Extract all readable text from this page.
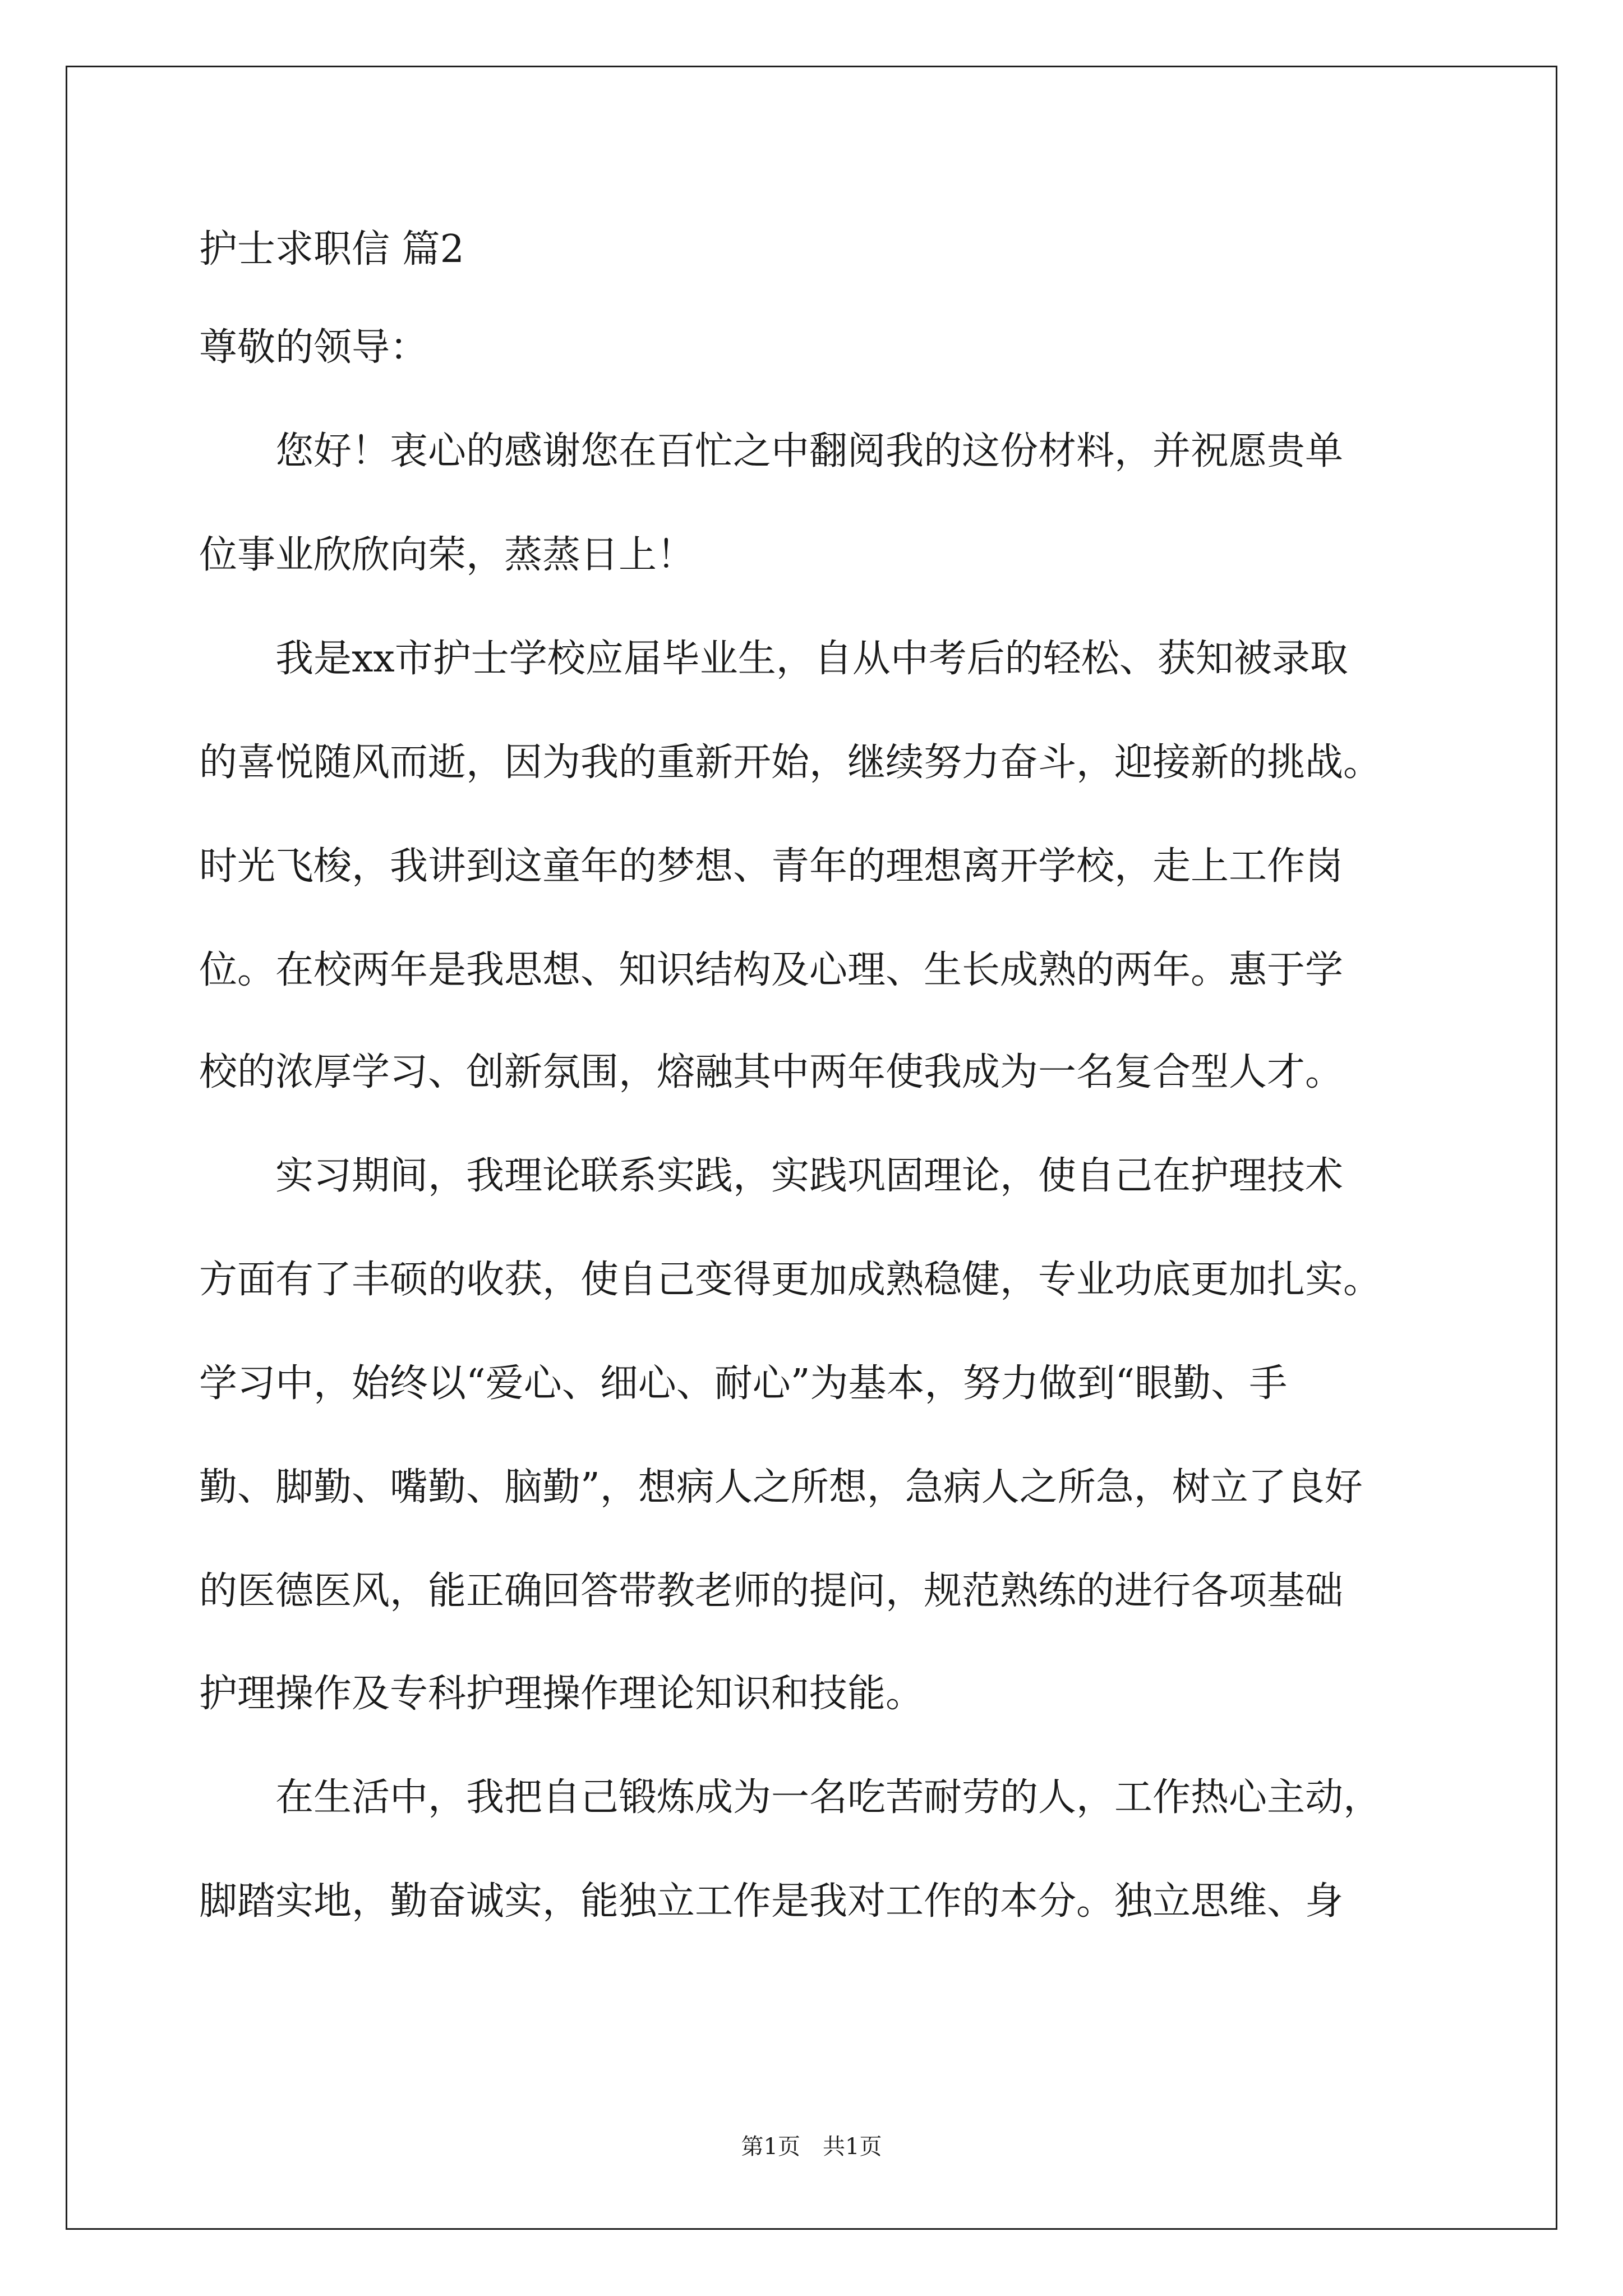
护士求职信 篇2

尊敬的领导：

　　您好！衷心的感谢您在百忙之中翻阅我的这份材料，并祝愿贵单

位事业欣欣向荣，蒸蒸日上！

　　我是xx市护士学校应届毕业生，自从中考后的轻松、获知被录取

的喜悦随风而逝，因为我的重新开始，继续努力奋斗，迎接新的挑战。

时光飞梭，我讲到这童年的梦想、青年的理想离开学校，走上工作岗

位。在校两年是我思想、知识结构及心理、生长成熟的两年。惠于学

校的浓厚学习、创新氛围，熔融其中两年使我成为一名复合型人才。

　　实习期间，我理论联系实践，实践巩固理论，使自己在护理技术

方面有了丰硕的收获，使自己变得更加成熟稳健，专业功底更加扎实。

学习中，始终以“爱心、细心、耐心”为基本，努力做到“眼勤、手

勤、脚勤、嘴勤、脑勤”，想病人之所想，急病人之所急，树立了良好

的医德医风，能正确回答带教老师的提问，规范熟练的进行各项基础

护理操作及专科护理操作理论知识和技能。

　　在生活中，我把自己锻炼成为一名吃苦耐劳的人，工作热心主动，

脚踏实地，勤奋诚实，能独立工作是我对工作的本分。独立思维、身

第1页　共1页
